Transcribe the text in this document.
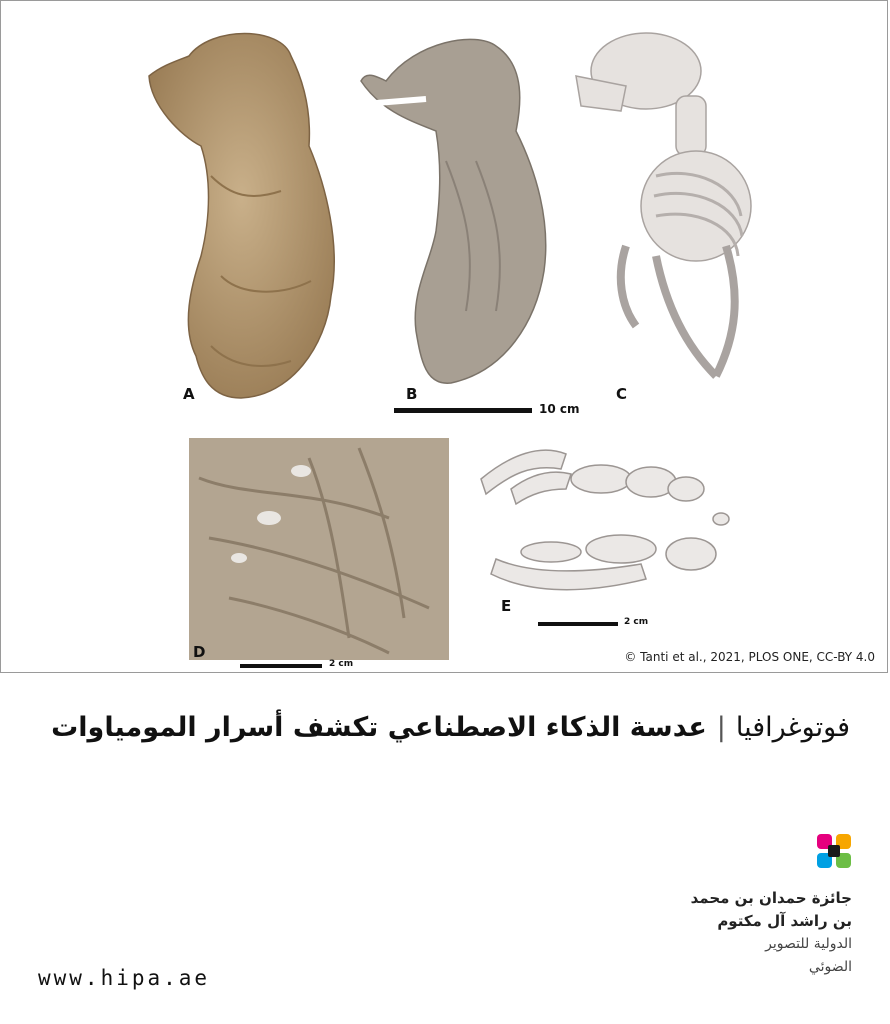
A	B	C
10 cm
D
2 cm
E
2 cm
© Tanti et al., 2021, PLOS ONE, CC-BY 4.0
فوتوغرافيا|عدسة الذكاء الاصطناعي تكشف أسرار المومياوات
جائزة حمدان بن محمد
بن راشد آل مكتوم
الدولية للتصوير
الضوئي
www.hipa.ae
